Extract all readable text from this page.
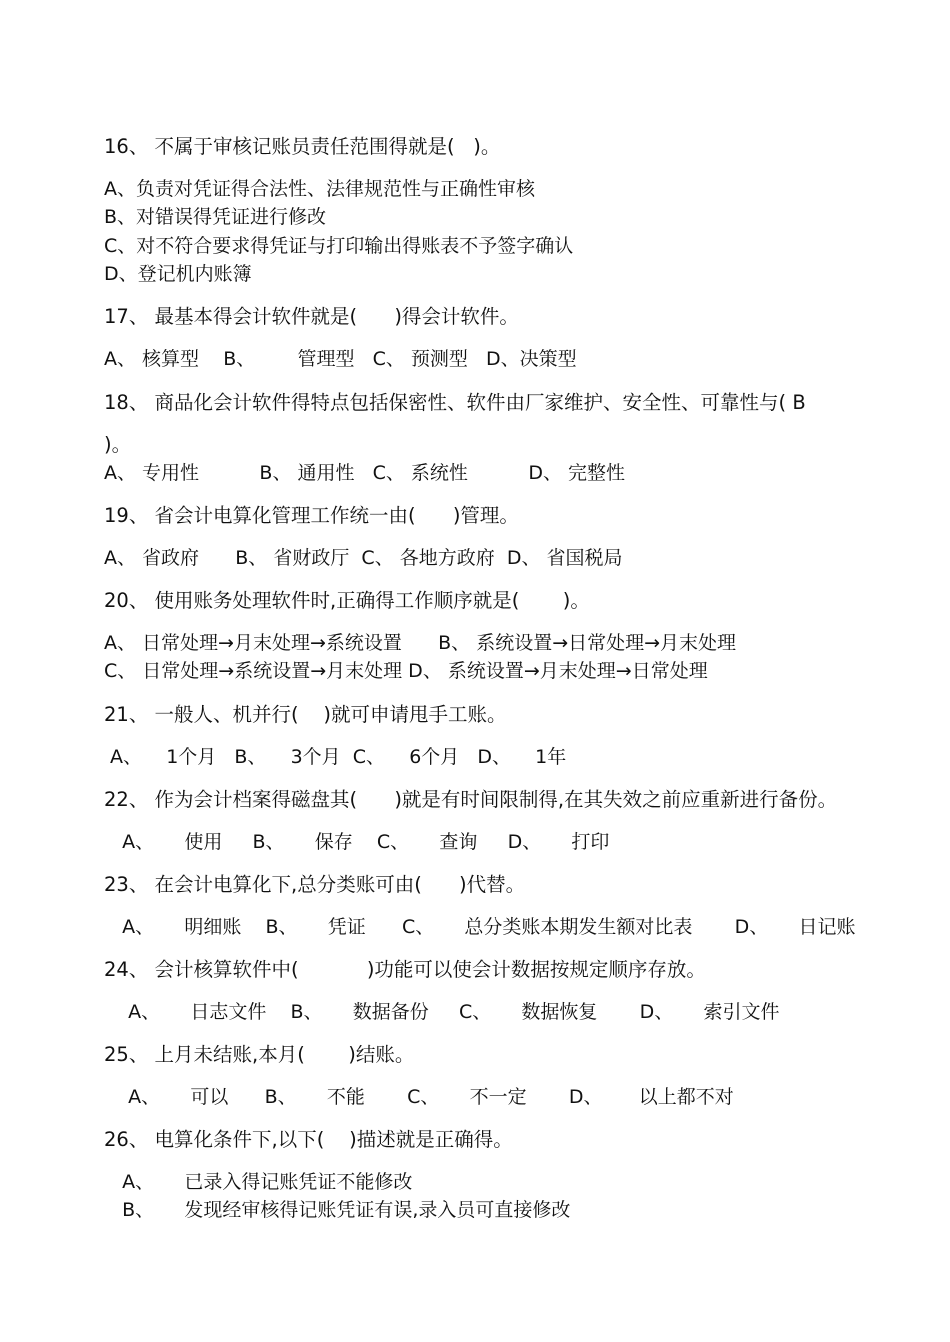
16、 不属于审核记账员责任范围得就是(   )。
A、负责对凭证得合法性、法律规范性与正确性审核
B、对错误得凭证进行修改
C、对不符合要求得凭证与打印输出得账表不予签字确认
D、登记机内账簿
17、 最基本得会计软件就是(      )得会计软件。
A、 核算型    B、       管理型   C、 预测型   D、决策型
18、 商品化会计软件得特点包括保密性、软件由厂家维护、安全性、可靠性与( B
)。
A、 专用性          B、 通用性   C、 系统性          D、 完整性
19、 省会计电算化管理工作统一由(      )管理。
A、 省政府      B、 省财政厅  C、 各地方政府  D、 省国税局
20、 使用账务处理软件时,正确得工作顺序就是(       )。
A、 日常处理→月末处理→系统设置      B、 系统设置→日常处理→月末处理
C、 日常处理→系统设置→月末处理 D、 系统设置→月末处理→日常处理
21、 一般人、机并行(    )就可申请甩手工账。
A、    1个月   B、    3个月  C、    6个月   D、    1年
22、 作为会计档案得磁盘其(      )就是有时间限制得,在其失效之前应重新进行备份。
A、     使用     B、     保存    C、     查询     D、     打印
23、 在会计电算化下,总分类账可由(      )代替。
A、     明细账    B、     凭证      C、     总分类账本期发生额对比表       D、     日记账
24、 会计核算软件中(           )功能可以使会计数据按规定顺序存放。
A、     日志文件    B、     数据备份     C、     数据恢复       D、     索引文件
25、 上月未结账,本月(       )结账。
A、     可以      B、     不能       C、     不一定       D、      以上都不对
26、 电算化条件下,以下(    )描述就是正确得。
A、     已录入得记账凭证不能修改
B、     发现经审核得记账凭证有误,录入员可直接修改
